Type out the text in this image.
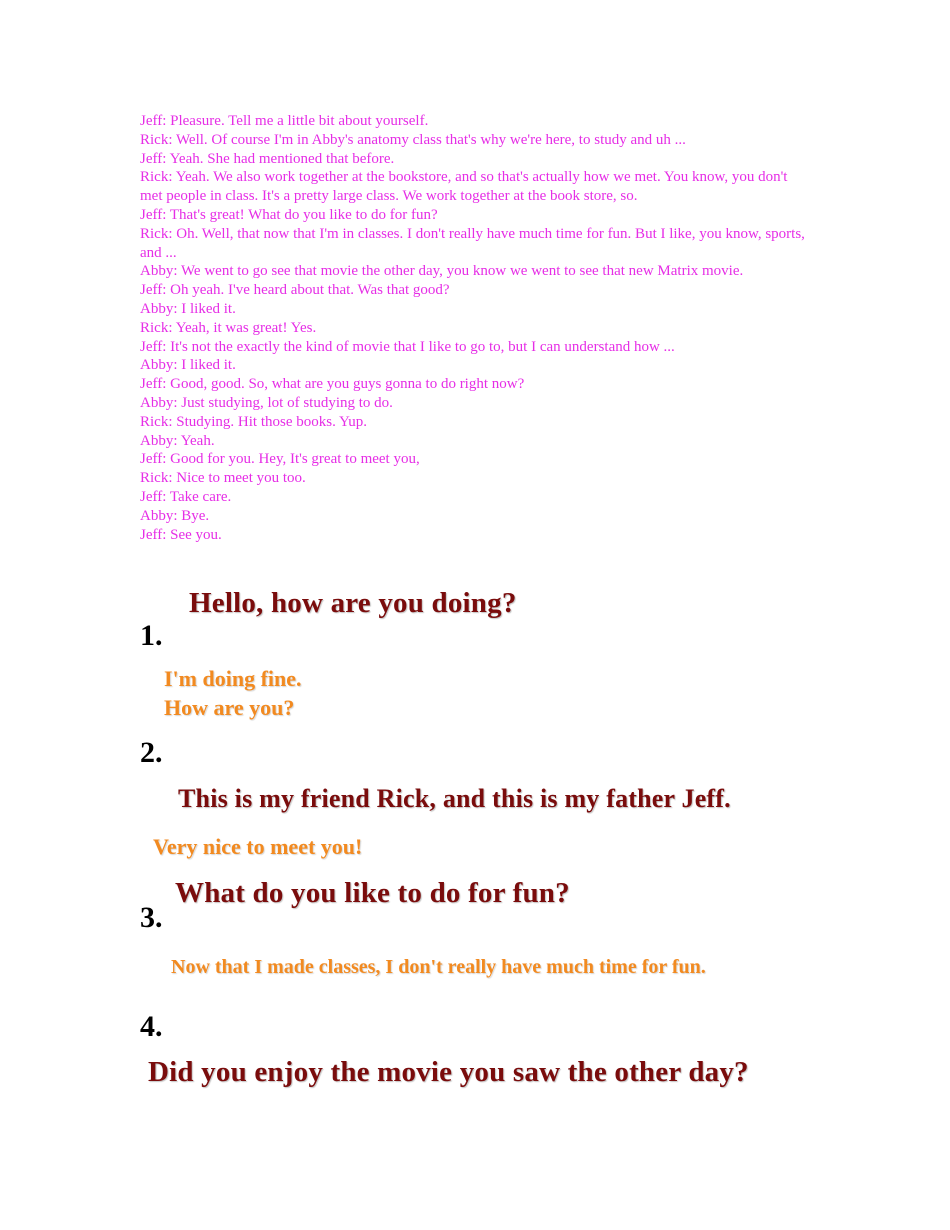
Jeff: Pleasure. Tell me a little bit about yourself.

Rick: Well. Of course I'm in Abby's anatomy class that's why we're here, to study and uh ...

Jeff: Yeah. She had mentioned that before.

Rick: Yeah. We also work together at the bookstore, and so that's actually how we met. You know, you don't met people in class. It's a pretty large class. We work together at the book store, so.

Jeff: That's great! What do you like to do for fun?

Rick: Oh. Well, that now that I'm in classes. I don't really have much time for fun. But I like, you know, sports, and ...

Abby: We went to go see that movie the other day, you know we went to see that new Matrix movie.

Jeff: Oh yeah. I've heard about that. Was that good?

Abby: I liked it.

Rick: Yeah, it was great! Yes.

Jeff: It's not the exactly the kind of movie that I like to go to, but I can understand how ...

Abby: I liked it.

Jeff: Good, good. So, what are you guys gonna to do right now?

Abby: Just studying, lot of studying to do.

Rick: Studying. Hit those books. Yup.

Abby: Yeah.

Jeff: Good for you. Hey, It's great to meet you,

Rick: Nice to meet you too.

Jeff: Take care.

Abby: Bye.

Jeff: See you.

Hello, how are you doing?
1.
I'm doing fine.
How are you?
2.
This is my friend Rick, and this is my father Jeff.
Very nice to meet you!
What do you like to do for fun?
3.
Now that I made classes, I don't really have much time for fun.
4.
Did you enjoy the movie you saw the other day?
